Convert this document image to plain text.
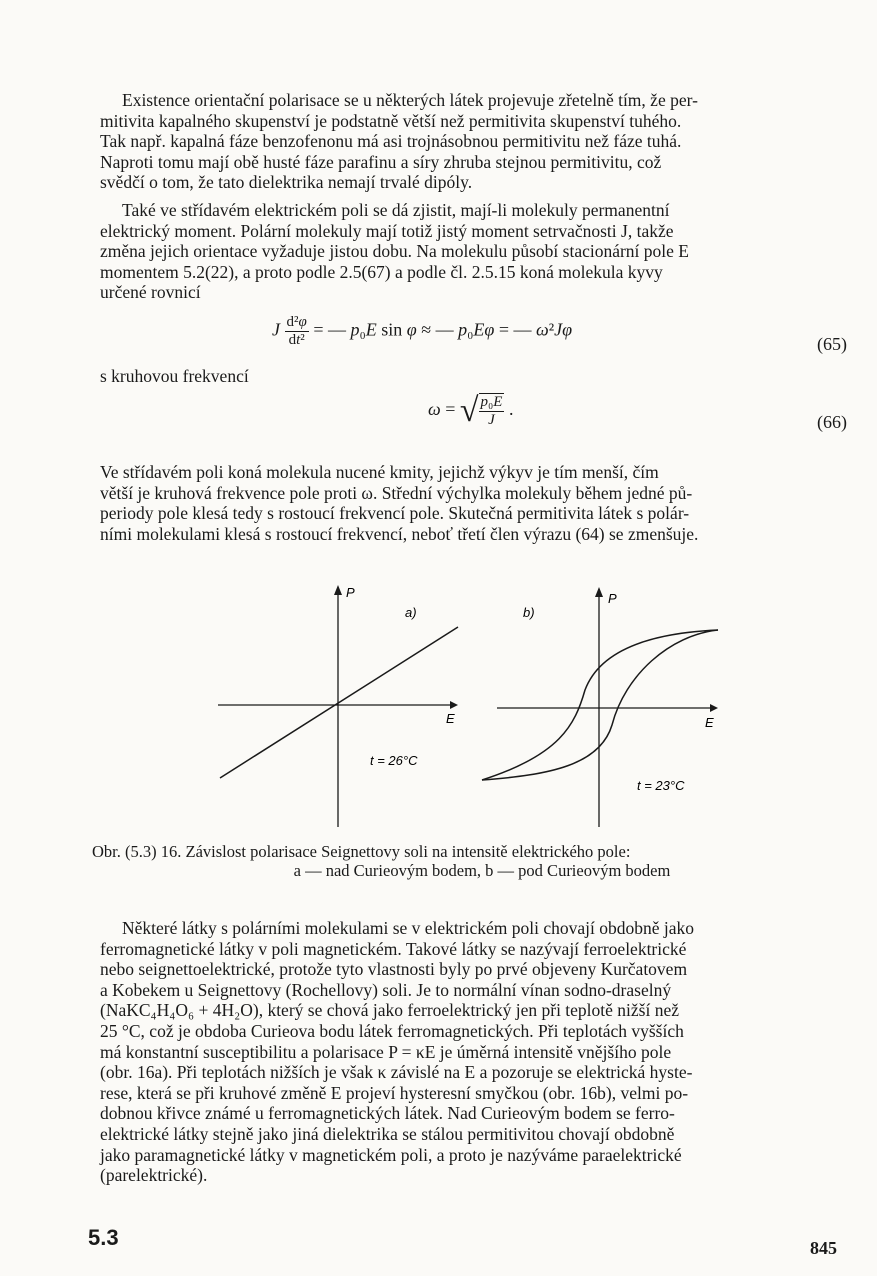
Existence orientační polarisace se u některých látek projevuje zřetelně tím, že per-
mitivita kapalného skupenství je podstatně větší než permitivita skupenství tuhého.
Tak např. kapalná fáze benzofenonu má asi trojnásobnou permitivitu než fáze tuhá.
Naproti tomu mají obě husté fáze parafinu a síry zhruba stejnou permitivitu, což
svědčí o tom, že tato dielektrika nemají trvalé dipóly.
Také ve střídavém elektrickém poli se dá zjistit, mají-li molekuly permanentní
elektrický moment. Polární molekuly mají totiž jistý moment setrvačnosti J, takže
změna jejich orientace vyžaduje jistou dobu. Na molekulu působí stacionární pole E
momentem 5.2(22), a proto podle 2.5(67) a podle čl. 2.5.15 koná molekula kyvy
určené rovnicí
J $\frac{\text{d²φ}}{\text{dt²}}$ = — p₀E sin φ ≈ — p₀Eφ = — ω²Jφ
(65)
s kruhovou frekvencí
ω = √ $\frac{\text{p₀E}}{J}$ .
(66)
Ve střídavém poli koná molekula nucené kmity, jejichž výkyv je tím menší, čím
větší je kruhová frekvence pole proti ω. Střední výchylka molekuly během jedné pů-
periody pole klesá tedy s rostoucí frekvencí pole. Skutečná permitivita látek s polár-
ními molekulami klesá s rostoucí frekvencí, neboť třetí člen výrazu (64) se zmenšuje.
P
a)
E
t = 26°C
P
b)
E
t = 23°C
Obr. (5.3) 16. Závislost polarisace Seignettovy soli na intensitě elektrického pole:
a — nad Curieovým bodem, b — pod Curieovým bodem
Některé látky s polárními molekulami se v elektrickém poli chovají obdobně jako
ferromagnetické látky v poli magnetickém. Takové látky se nazývají ferroelektrické
nebo seignettoelektrické, protože tyto vlastnosti byly po prvé objeveny Kurčatovem
a Kobekem u Seignettovy (Rochellovy) soli. Je to normální vínan sodno-draselný
(NaKC₄H₄O₆ + 4H₂O), který se chová jako ferroelektrický jen při teplotě nižší než
25 °C, což je obdoba Curieova bodu látek ferromagnetických. Při teplotách vyšších
má konstantní susceptibilitu a polarisace P = κE je úměrná intensitě vnějšího pole
(obr. 16a). Při teplotách nižších je však κ závislé na E a pozoruje se elektrická hyste-
rese, která se při kruhové změně E projeví hysteresní smyčkou (obr. 16b), velmi po-
dobnou křivce známé u ferromagnetických látek. Nad Curieovým bodem se ferro-
elektrické látky stejně jako jiná dielektrika se stálou permitivitou chovají obdobně
jako paramagnetické látky v magnetickém poli, a proto je nazýváme paraelektrické
(parelektrické).
5.3	845
